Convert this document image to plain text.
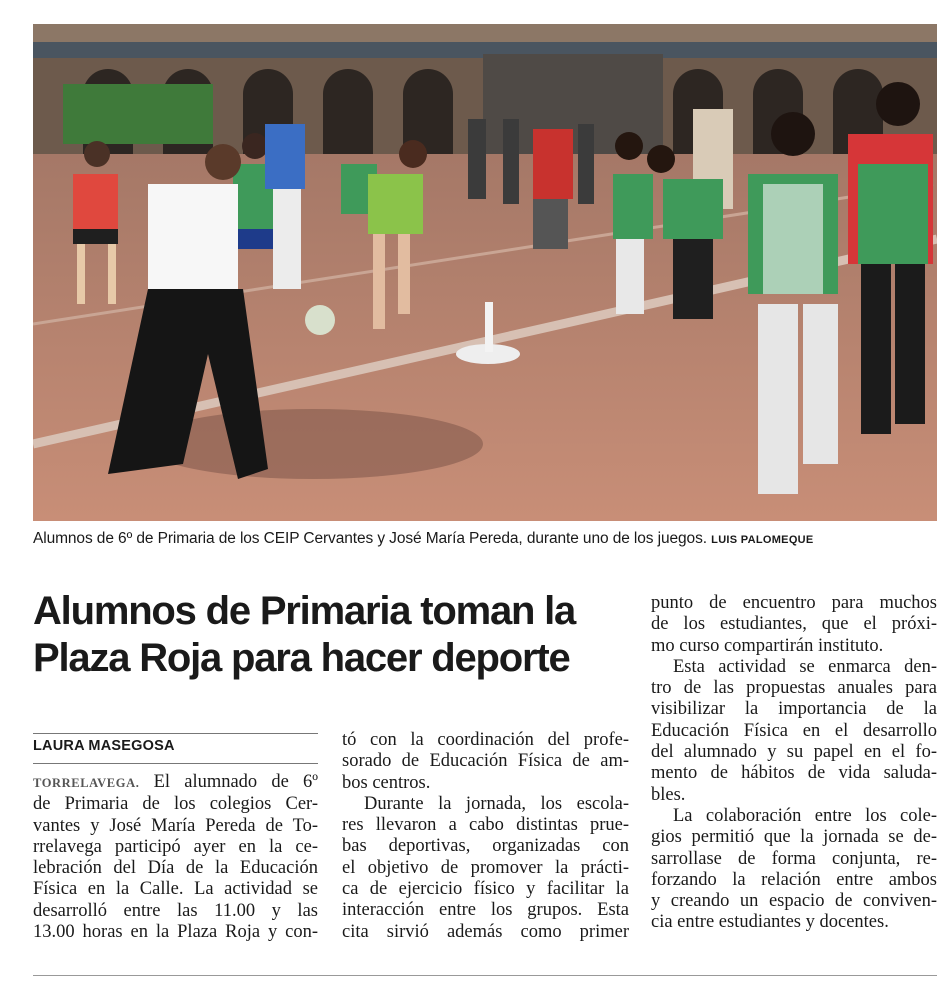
Alumnos de 6º de Primaria de los CEIP Cervantes y José María Pereda, durante uno de los juegos. LUIS PALOMEQUE
Alumnos de Primaria toman la
Plaza Roja para hacer deporte
LAURA MASEGOSA
TORRELAVEGA. El alumnado de 6º
de Primaria de los colegios Cer-
vantes y José María Pereda de To-
rrelavega participó ayer en la ce-
lebración del Día de la Educación
Física en la Calle. La actividad se
desarrolló entre las 11.00 y las
13.00 horas en la Plaza Roja y con-
tó con la coordinación del profe-
sorado de Educación Física de am-
bos centros.
Durante la jornada, los escola-
res llevaron a cabo distintas prue-
bas deportivas, organizadas con
el objetivo de promover la prácti-
ca de ejercicio físico y facilitar la
interacción entre los grupos. Esta
cita sirvió además como primer
punto de encuentro para muchos
de los estudiantes, que el próxi-
mo curso compartirán instituto.
Esta actividad se enmarca den-
tro de las propuestas anuales para
visibilizar la importancia de la
Educación Física en el desarrollo
del alumnado y su papel en el fo-
mento de hábitos de vida saluda-
bles.
La colaboración entre los cole-
gios permitió que la jornada se de-
sarrollase de forma conjunta, re-
forzando la relación entre ambos
y creando un espacio de conviven-
cia entre estudiantes y docentes.
